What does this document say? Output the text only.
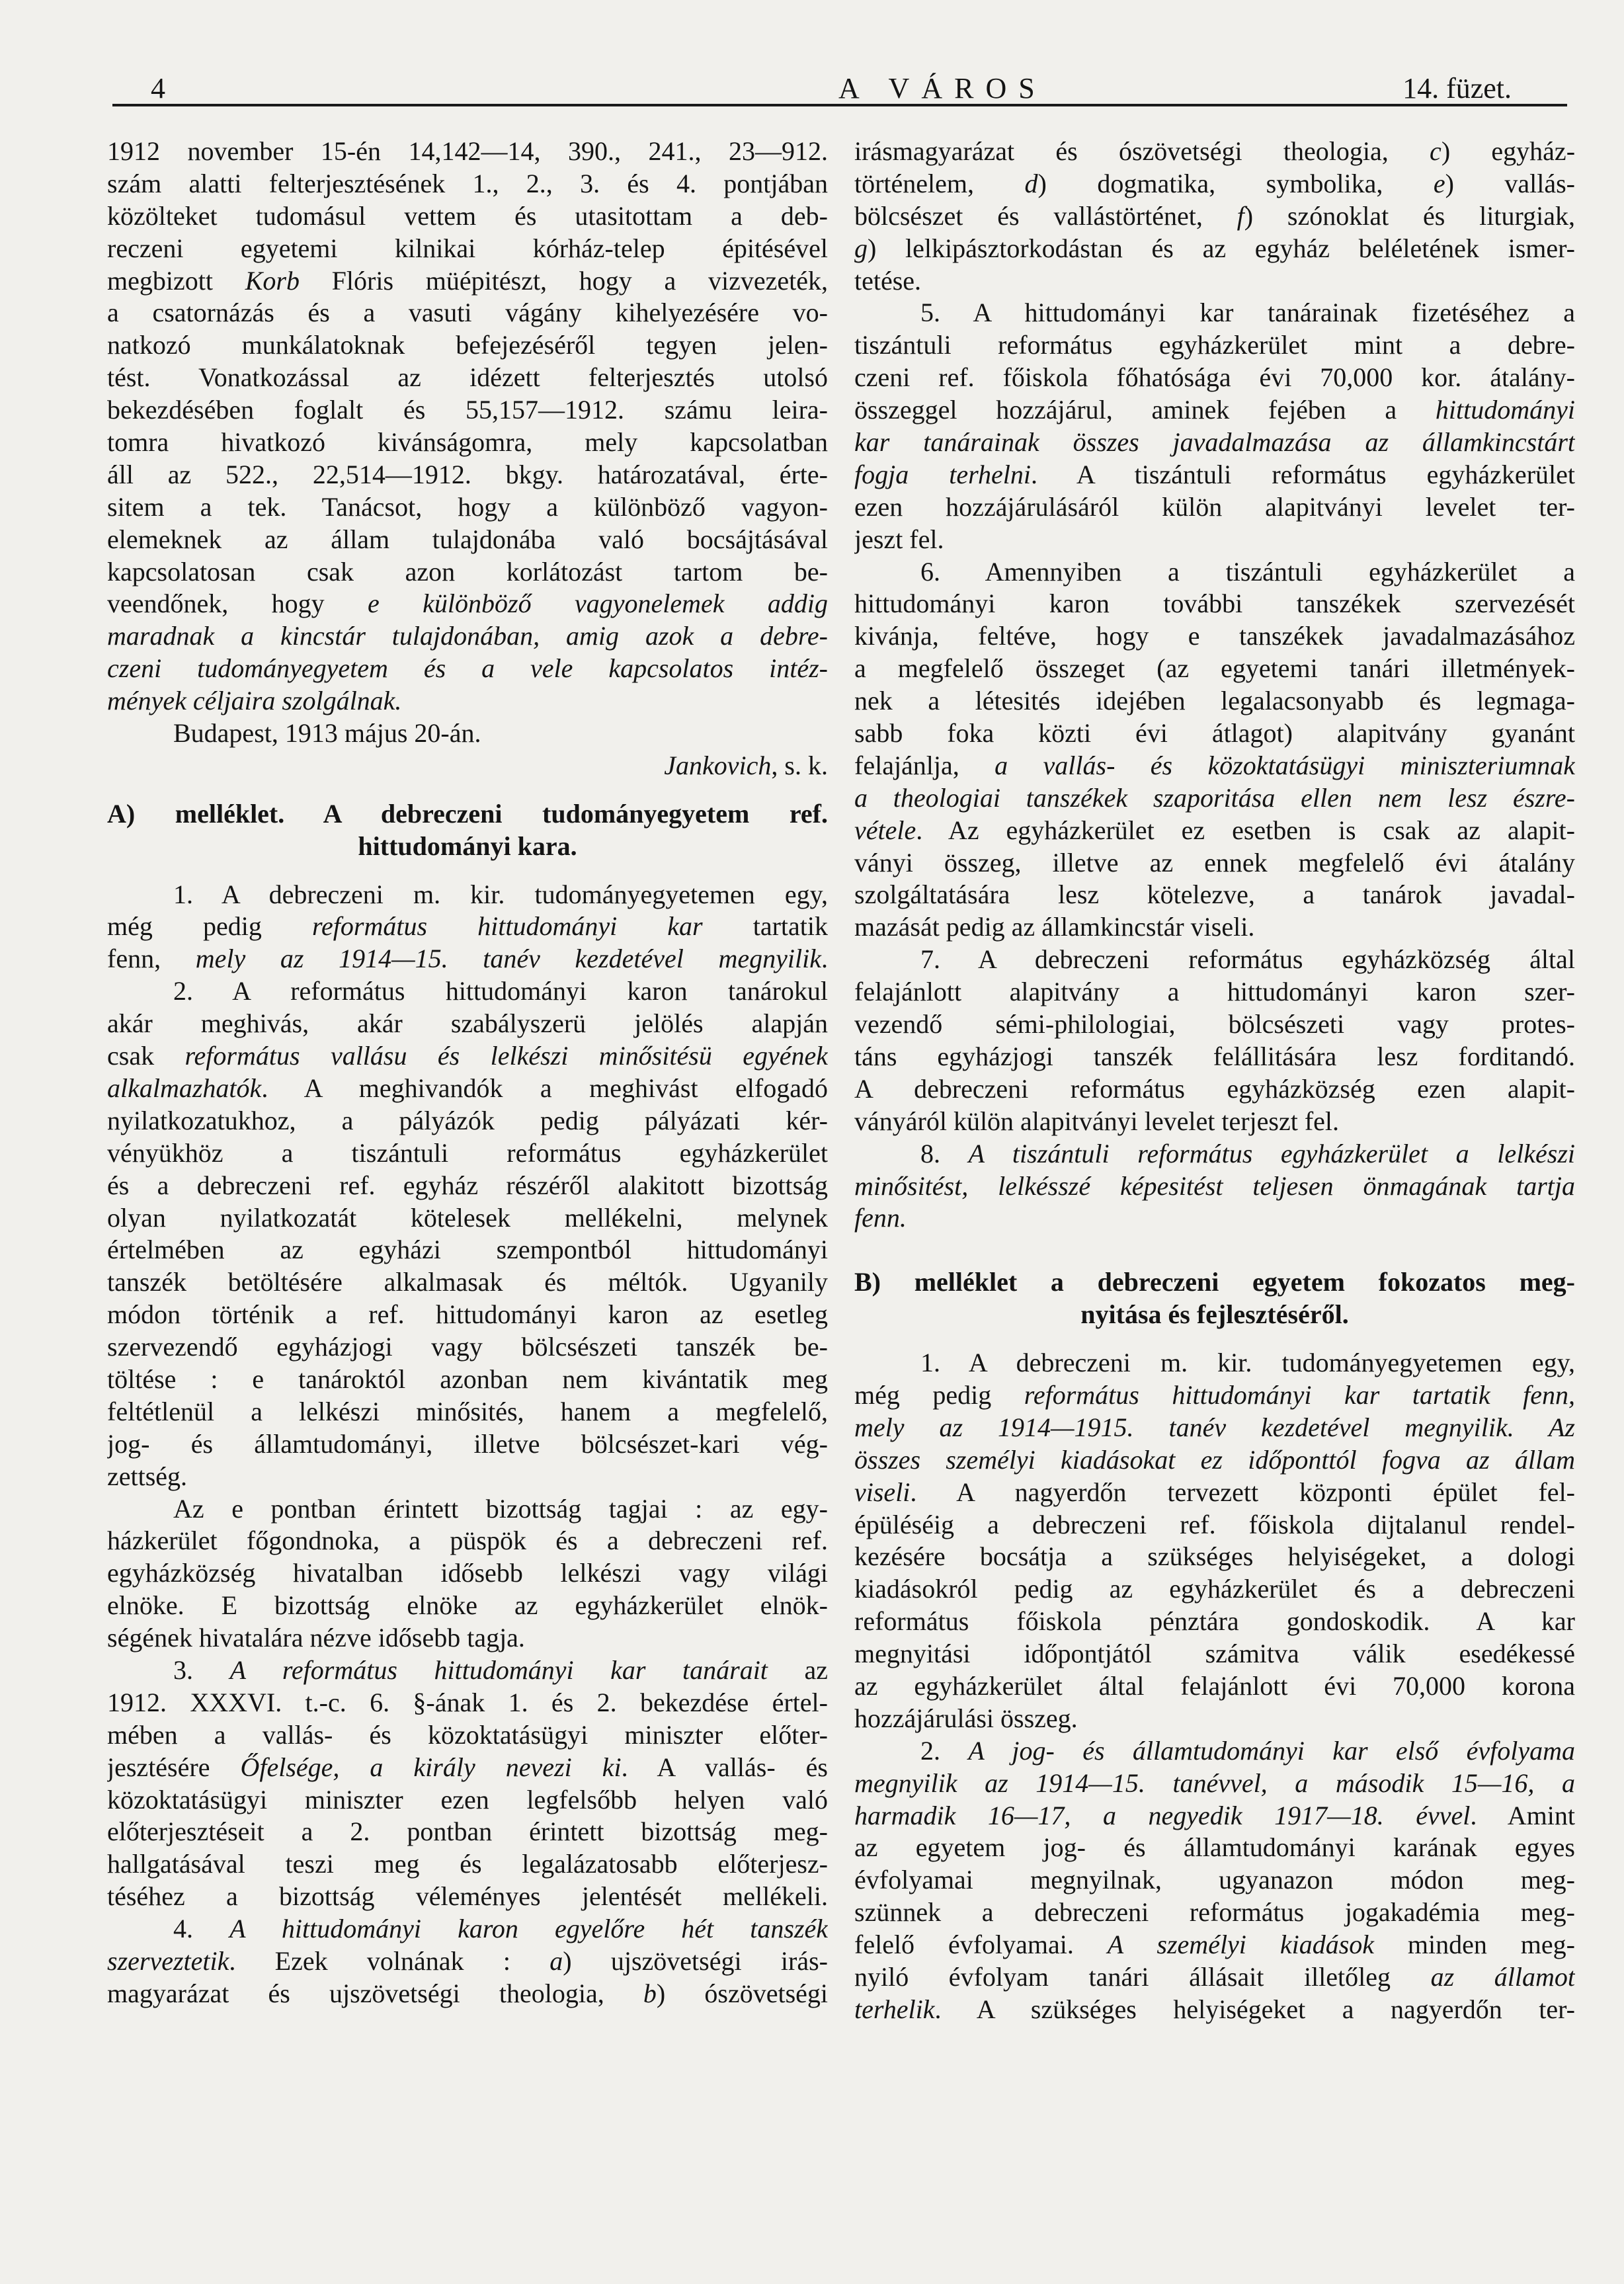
4	A VÁROS	14. füzet.
1912 november 15-én 14,142—14, 390., 241., 23—912.
szám alatti felterjesztésének 1., 2., 3. és 4. pontjában
közölteket tudomásul vettem és utasitottam a deb-
reczeni egyetemi kilnikai kórház-telep épitésével
megbizott Korb Flóris müépitészt, hogy a vizvezeték,
a csatornázás és a vasuti vágány kihelyezésére vo-
natkozó munkálatoknak befejezéséről tegyen jelen-
tést. Vonatkozással az idézett felterjesztés utolsó
bekezdésében foglalt és 55,157—1912. számu leira-
tomra hivatkozó kivánságomra, mely kapcsolatban
áll az 522., 22,514—1912. bkgy. határozatával, érte-
sitem a tek. Tanácsot, hogy a különböző vagyon-
elemeknek az állam tulajdonába való bocsájtásával
kapcsolatosan csak azon korlátozást tartom be-
veendőnek, hogy e különböző vagyonelemek addig
maradnak a kincstár tulajdonában, amig azok a debre-
czeni tudományegyetem és a vele kapcsolatos intéz-
mények céljaira szolgálnak.
Budapest, 1913 május 20-án.
Jankovich, s. k.
A) melléklet. A debreczeni tudományegyetem ref.
hittudományi kara.
1. A debreczeni m. kir. tudományegyetemen egy,
még pedig református hittudományi kar tartatik
fenn, mely az 1914—15. tanév kezdetével megnyilik.
2. A református hittudományi karon tanárokul
akár meghivás, akár szabályszerü jelölés alapján
csak református vallásu és lelkészi minősitésü egyének
alkalmazhatók. A meghivandók a meghivást elfogadó
nyilatkozatukhoz, a pályázók pedig pályázati kér-
vényükhöz a tiszántuli református egyházkerület
és a debreczeni ref. egyház részéről alakitott bizottság
olyan nyilatkozatát kötelesek mellékelni, melynek
értelmében az egyházi szempontból hittudományi
tanszék betöltésére alkalmasak és méltók. Ugyanily
módon történik a ref. hittudományi karon az esetleg
szervezendő egyházjogi vagy bölcsészeti tanszék be-
töltése : e tanároktól azonban nem kivántatik meg
feltétlenül a lelkészi minősités, hanem a megfelelő,
jog- és államtudományi, illetve bölcsészet-kari vég-
zettség.
Az e pontban érintett bizottság tagjai : az egy-
házkerület főgondnoka, a püspök és a debreczeni ref.
egyházközség hivatalban idősebb lelkészi vagy világi
elnöke. E bizottság elnöke az egyházkerület elnök-
ségének hivatalára nézve idősebb tagja.
3. A református hittudományi kar tanárait az
1912. XXXVI. t.-c. 6. §-ának 1. és 2. bekezdése értel-
mében a vallás- és közoktatásügyi miniszter előter-
jesztésére Őfelsége, a király nevezi ki. A vallás- és
közoktatásügyi miniszter ezen legfelsőbb helyen való
előterjesztéseit a 2. pontban érintett bizottság meg-
hallgatásával teszi meg és legalázatosabb előterjesz-
téséhez a bizottság véleményes jelentését mellékeli.
4. A hittudományi karon egyelőre hét tanszék
szerveztetik. Ezek volnának : a) ujszövetségi irás-
magyarázat és ujszövetségi theologia, b) ószövetségi
irásmagyarázat és ószövetségi theologia, c) egyház-
történelem, d) dogmatika, symbolika, e) vallás-
bölcsészet és vallástörténet, f) szónoklat és liturgiak,
g) lelkipásztorkodástan és az egyház beléletének ismer-
tetése.
5. A hittudományi kar tanárainak fizetéséhez a
tiszántuli református egyházkerület mint a debre-
czeni ref. főiskola főhatósága évi 70,000 kor. átalány-
összeggel hozzájárul, aminek fejében a hittudományi
kar tanárainak összes javadalmazása az államkincstárt
fogja terhelni. A tiszántuli református egyházkerület
ezen hozzájárulásáról külön alapitványi levelet ter-
jeszt fel.
6. Amennyiben a tiszántuli egyházkerület a
hittudományi karon további tanszékek szervezését
kivánja, feltéve, hogy e tanszékek javadalmazásához
a megfelelő összeget (az egyetemi tanári illetmények-
nek a létesités idejében legalacsonyabb és legmaga-
sabb foka közti évi átlagot) alapitvány gyanánt
felajánlja, a vallás- és közoktatásügyi miniszteriumnak
a theologiai tanszékek szaporitása ellen nem lesz észre-
vétele. Az egyházkerület ez esetben is csak az alapit-
ványi összeg, illetve az ennek megfelelő évi átalány
szolgáltatására lesz kötelezve, a tanárok javadal-
mazását pedig az államkincstár viseli.
7. A debreczeni református egyházközség által
felajánlott alapitvány a hittudományi karon szer-
vezendő sémi-philologiai, bölcsészeti vagy protes-
táns egyházjogi tanszék felállitására lesz forditandó.
A debreczeni református egyházközség ezen alapit-
ványáról külön alapitványi levelet terjeszt fel.
8. A tiszántuli református egyházkerület a lelkészi
minősitést, lelkésszé képesitést teljesen önmagának tartja
fenn.
B) melléklet a debreczeni egyetem fokozatos meg-
nyitása és fejlesztéséről.
1. A debreczeni m. kir. tudományegyetemen egy,
még pedig református hittudományi kar tartatik fenn,
mely az 1914—1915. tanév kezdetével megnyilik. Az
összes személyi kiadásokat ez időponttól fogva az állam
viseli. A nagyerdőn tervezett központi épület fel-
épüléséig a debreczeni ref. főiskola dijtalanul rendel-
kezésére bocsátja a szükséges helyiségeket, a dologi
kiadásokról pedig az egyházkerület és a debreczeni
református főiskola pénztára gondoskodik. A kar
megnyitási időpontjától számitva válik esedékessé
az egyházkerület által felajánlott évi 70,000 korona
hozzájárulási összeg.
2. A jog- és államtudományi kar első évfolyama
megnyilik az 1914—15. tanévvel, a második 15—16, a
harmadik 16—17, a negyedik 1917—18. évvel. Amint
az egyetem jog- és államtudományi karának egyes
évfolyamai megnyilnak, ugyanazon módon meg-
szünnek a debreczeni református jogakadémia meg-
felelő évfolyamai. A személyi kiadások minden meg-
nyiló évfolyam tanári állásait illetőleg az államot
terhelik. A szükséges helyiségeket a nagyerdőn ter-
